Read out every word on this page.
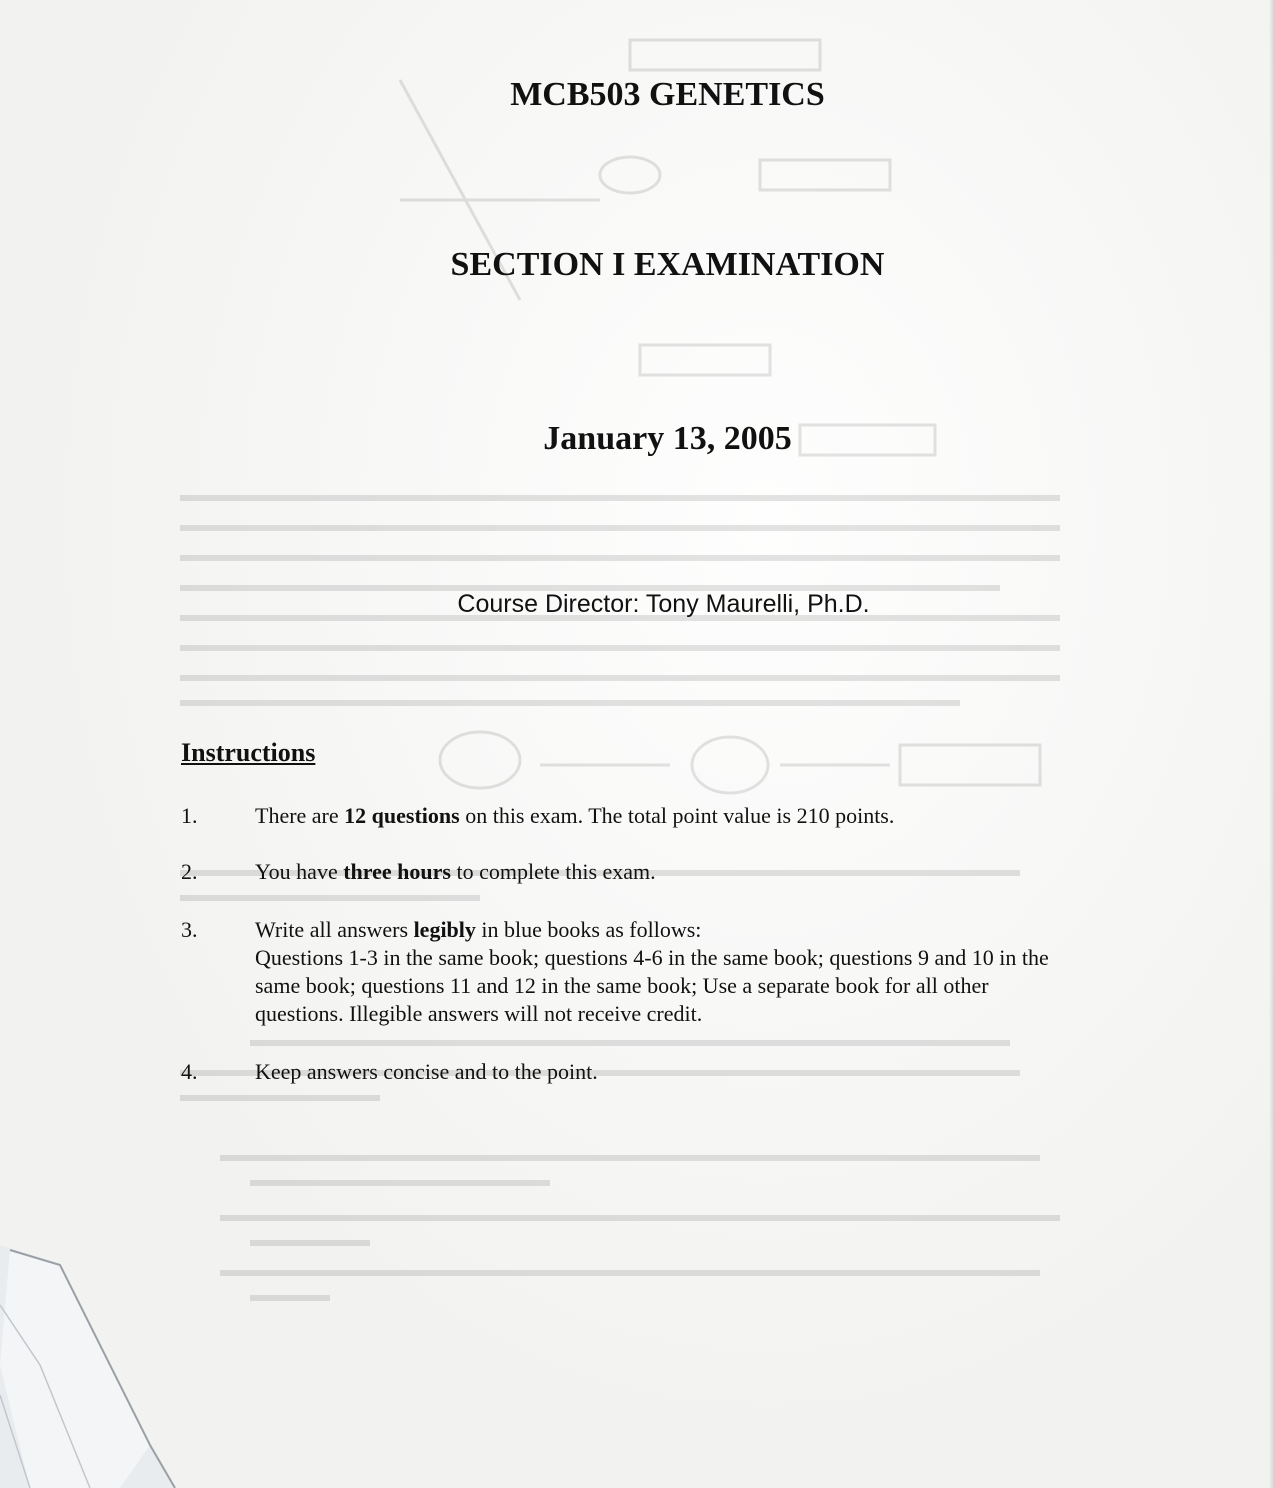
MCB503 GENETICS
SECTION I EXAMINATION
January 13, 2005

Course Director: Tony Maurelli, Ph.D.

Instructions
1.	There are 12 questions on this exam. The total point value is 210 points.
2.	You have three hours to complete this exam.
3.	Write all answers legibly in blue books as follows:
Questions 1-3 in the same book; questions 4-6 in the same book; questions 9 and 10 in the same book; questions 11 and 12 in the same book; Use a separate book for all other questions. Illegible answers will not receive credit.
4.	Keep answers concise and to the point.
